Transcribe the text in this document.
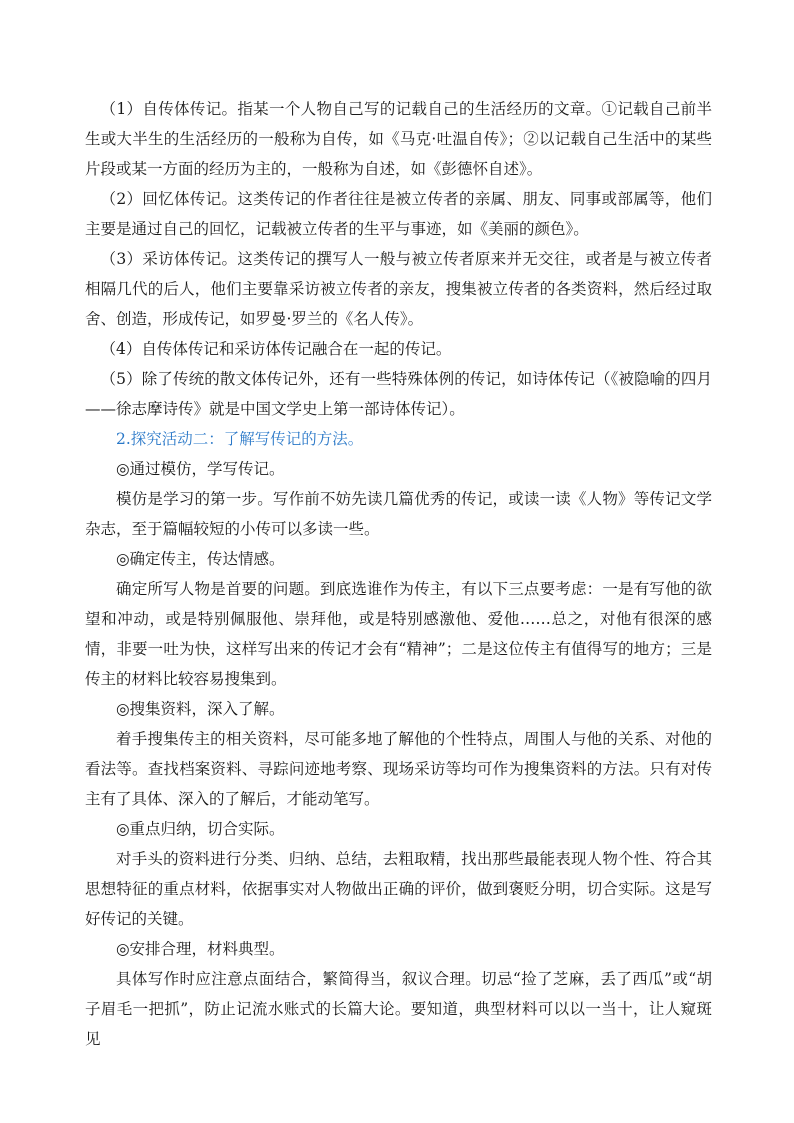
（1）自传体传记。指某一个人物自己写的记载自己的生活经历的文章。①记载自己前半生或大半生的生活经历的一般称为自传，如《马克·吐温自传》；②以记载自己生活中的某些片段或某一方面的经历为主的，一般称为自述，如《彭德怀自述》。

（2）回忆体传记。这类传记的作者往往是被立传者的亲属、朋友、同事或部属等，他们主要是通过自己的回忆，记载被立传者的生平与事迹，如《美丽的颜色》。

（3）采访体传记。这类传记的撰写人一般与被立传者原来并无交往，或者是与被立传者相隔几代的后人，他们主要靠采访被立传者的亲友，搜集被立传者的各类资料，然后经过取舍、创造，形成传记，如罗曼·罗兰的《名人传》。

（4）自传体传记和采访体传记融合在一起的传记。

（5）除了传统的散文体传记外，还有一些特殊体例的传记，如诗体传记（《被隐喻的四月——徐志摩诗传》就是中国文学史上第一部诗体传记）。

2.探究活动二：了解写传记的方法。

◎通过模仿，学写传记。

模仿是学习的第一步。写作前不妨先读几篇优秀的传记，或读一读《人物》等传记文学杂志，至于篇幅较短的小传可以多读一些。

◎确定传主，传达情感。

确定所写人物是首要的问题。到底选谁作为传主，有以下三点要考虑：一是有写他的欲望和冲动，或是特别佩服他、崇拜他，或是特别感激他、爱他……总之，对他有很深的感情，非要一吐为快，这样写出来的传记才会有“精神”；二是这位传主有值得写的地方；三是传主的材料比较容易搜集到。

◎搜集资料，深入了解。

着手搜集传主的相关资料，尽可能多地了解他的个性特点，周围人与他的关系、对他的看法等。查找档案资料、寻踪问迹地考察、现场采访等均可作为搜集资料的方法。只有对传主有了具体、深入的了解后，才能动笔写。

◎重点归纳，切合实际。

对手头的资料进行分类、归纳、总结，去粗取精，找出那些最能表现人物个性、符合其思想特征的重点材料，依据事实对人物做出正确的评价，做到褒贬分明，切合实际。这是写好传记的关键。

◎安排合理，材料典型。

具体写作时应注意点面结合，繁简得当，叙议合理。切忌“捡了芝麻，丢了西瓜”或“胡子眉毛一把抓”，防止记流水账式的长篇大论。要知道，典型材料可以以一当十，让人窥斑见
